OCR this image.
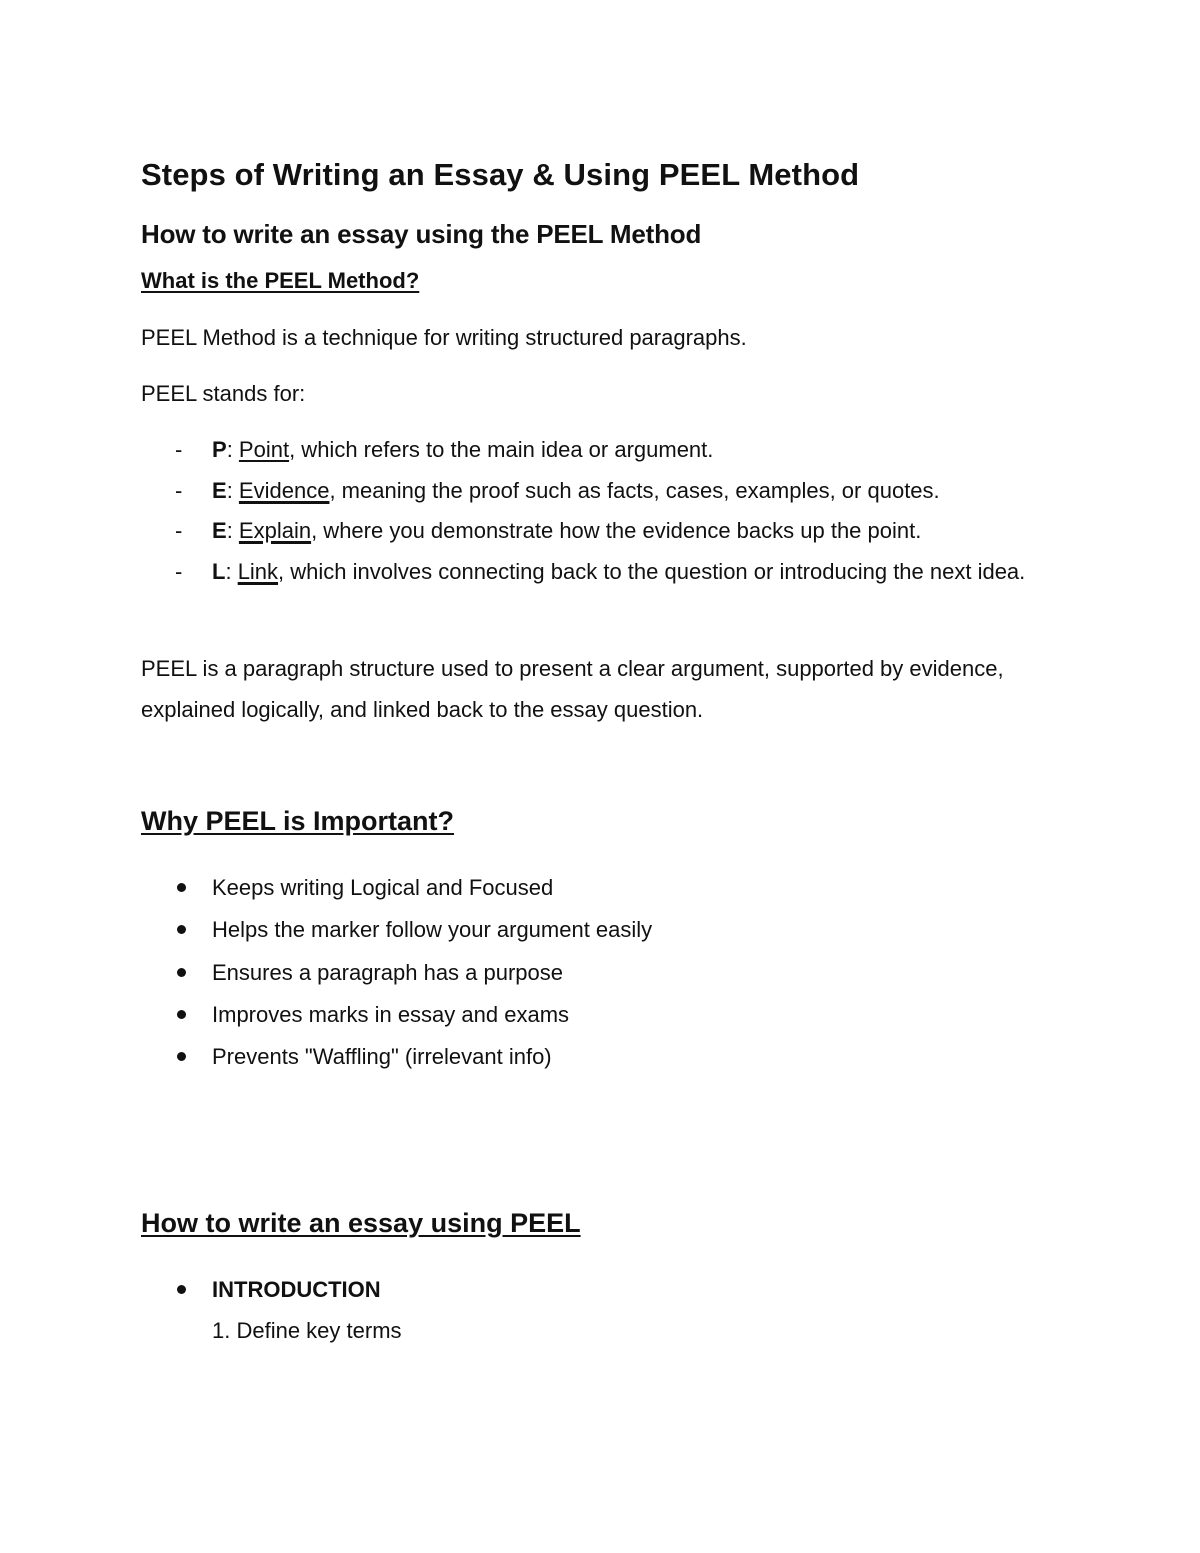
Steps of Writing an Essay & Using PEEL Method
How to write an essay using the PEEL Method
What is the PEEL Method?
PEEL Method is a technique for writing structured paragraphs.
PEEL stands for:
- P: Point, which refers to the main idea or argument.
- E: Evidence, meaning the proof such as facts, cases, examples, or quotes.
- E: Explain, where you demonstrate how the evidence backs up the point.
- L: Link, which involves connecting back to the question or introducing the next idea.
PEEL is a paragraph structure used to present a clear argument, supported by evidence, explained logically, and linked back to the essay question.
Why PEEL is Important?
Keeps writing Logical and Focused
Helps the marker follow your argument easily
Ensures a paragraph has a purpose
Improves marks in essay and exams
Prevents "Waffling" (irrelevant info)
How to write an essay using PEEL
INTRODUCTION
1. Define key terms
